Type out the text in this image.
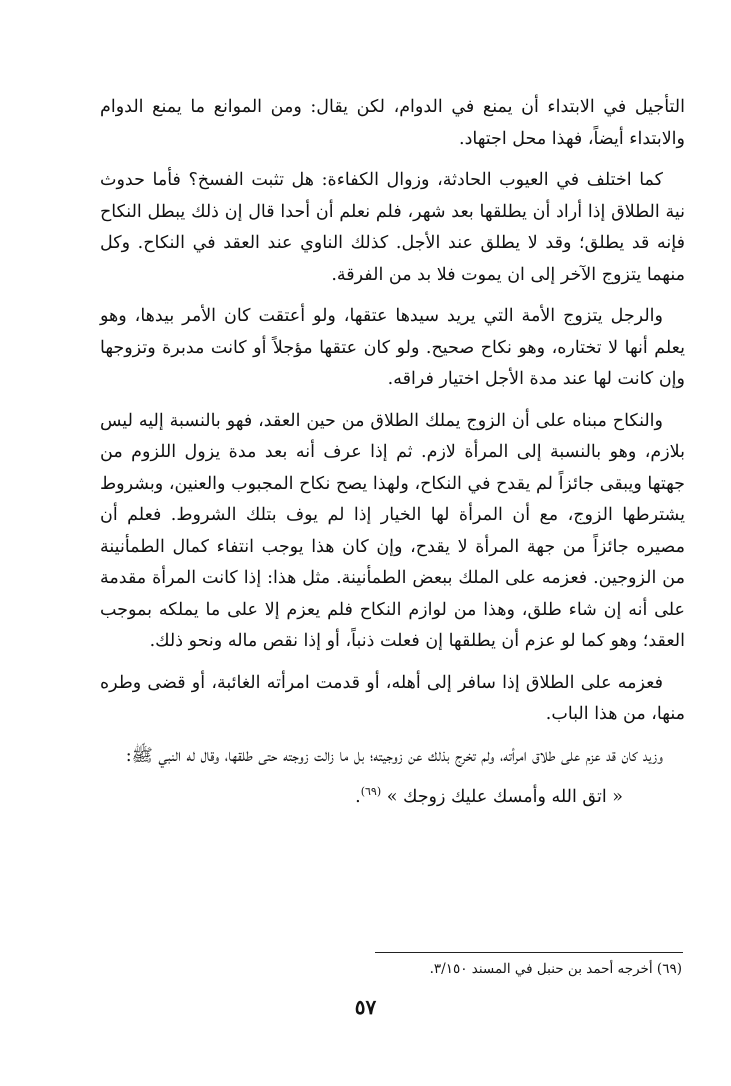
التأجيل في الابتداء أن يمنع في الدوام، لكن يقال: ومن الموانع ما يمنع الدوام والابتداء أيضاً، فهذا محل اجتهاد.

كما اختلف في العيوب الحادثة، وزوال الكفاءة: هل تثبت الفسخ؟ فأما حدوث نية الطلاق إذا أراد أن يطلقها بعد شهر، فلم نعلم أن أحدا قال إن ذلك يبطل النكاح فإنه قد يطلق؛ وقد لا يطلق عند الأجل. كذلك الناوي عند العقد في النكاح. وكل منهما يتزوج الآخر إلى ان يموت فلا بد من الفرقة.

والرجل يتزوج الأمة التي يريد سيدها عتقها، ولو أعتقت كان الأمر بيدها، وهو يعلم أنها لا تختاره، وهو نكاح صحيح. ولو كان عتقها مؤجلاً أو كانت مدبرة وتزوجها وإن كانت لها عند مدة الأجل اختيار فراقه.

والنكاح مبناه على أن الزوج يملك الطلاق من حين العقد، فهو بالنسبة إليه ليس بلازم، وهو بالنسبة إلى المرأة لازم. ثم إذا عرف أنه بعد مدة يزول اللزوم من جهتها ويبقى جائزاً لم يقدح في النكاح، ولهذا يصح نكاح المجبوب والعنين، وبشروط يشترطها الزوج، مع أن المرأة لها الخيار إذا لم يوف بتلك الشروط. فعلم أن مصيره جائزاً من جهة المرأة لا يقدح، وإن كان هذا يوجب انتفاء كمال الطمأنينة من الزوجين. فعزمه على الملك ببعض الطمأنينة. مثل هذا: إذا كانت المرأة مقدمة على أنه إن شاء طلق، وهذا من لوازم النكاح فلم يعزم إلا على ما يملكه بموجب العقد؛ وهو كما لو عزم أن يطلقها إن فعلت ذنباً، أو إذا نقص ماله ونحو ذلك.

فعزمه على الطلاق إذا سافر إلى أهله، أو قدمت امرأته الغائبة، أو قضى وطره منها، من هذا الباب.

وزيد كان قد عزم على طلاق امرأته، ولم تخرج بذلك عن زوجيته؛ بل ما زالت زوجته حتى طلقها، وقال له النبي ﷺ:

« اتق الله وأمسك عليك زوجك » $^{(٦٩)}$.

(٦٩) أخرجه أحمد بن حنبل في المسند ٣/١٥٠.
٥٧
